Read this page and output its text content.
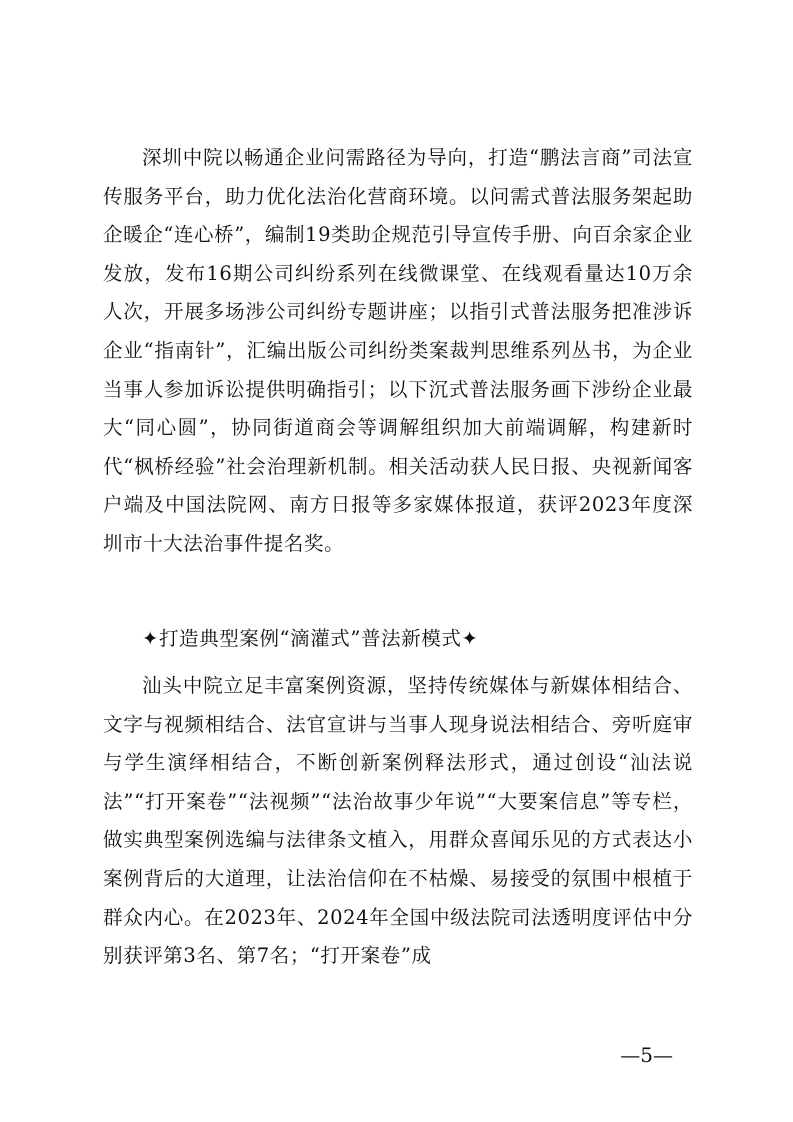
深圳中院以畅通企业问需路径为导向，打造“鹏法言商”司法宣传服务平台，助力优化法治化营商环境。以问需式普法服务架起助企暖企“连心桥”，编制19类助企规范引导宣传手册、向百余家企业发放，发布16期公司纠纷系列在线微课堂、在线观看量达10万余人次，开展多场涉公司纠纷专题讲座；以指引式普法服务把准涉诉企业“指南针”，汇编出版公司纠纷类案裁判思维系列丛书，为企业当事人参加诉讼提供明确指引；以下沉式普法服务画下涉纷企业最大“同心圆”，协同街道商会等调解组织加大前端调解，构建新时代“枫桥经验”社会治理新机制。相关活动获人民日报、央视新闻客户端及中国法院网、南方日报等多家媒体报道，获评2023年度深圳市十大法治事件提名奖。

✦打造典型案例“滴灌式”普法新模式✦

汕头中院立足丰富案例资源，坚持传统媒体与新媒体相结合、文字与视频相结合、法官宣讲与当事人现身说法相结合、旁听庭审与学生演绎相结合，不断创新案例释法形式，通过创设“汕法说法”“打开案卷”“法视频”“法治故事少年说”“大要案信息”等专栏，做实典型案例选编与法律条文植入，用群众喜闻乐见的方式表达小案例背后的大道理，让法治信仰在不枯燥、易接受的氛围中根植于群众内心。在2023年、2024年全国中级法院司法透明度评估中分别获评第3名、第7名；“打开案卷”成

—5—
